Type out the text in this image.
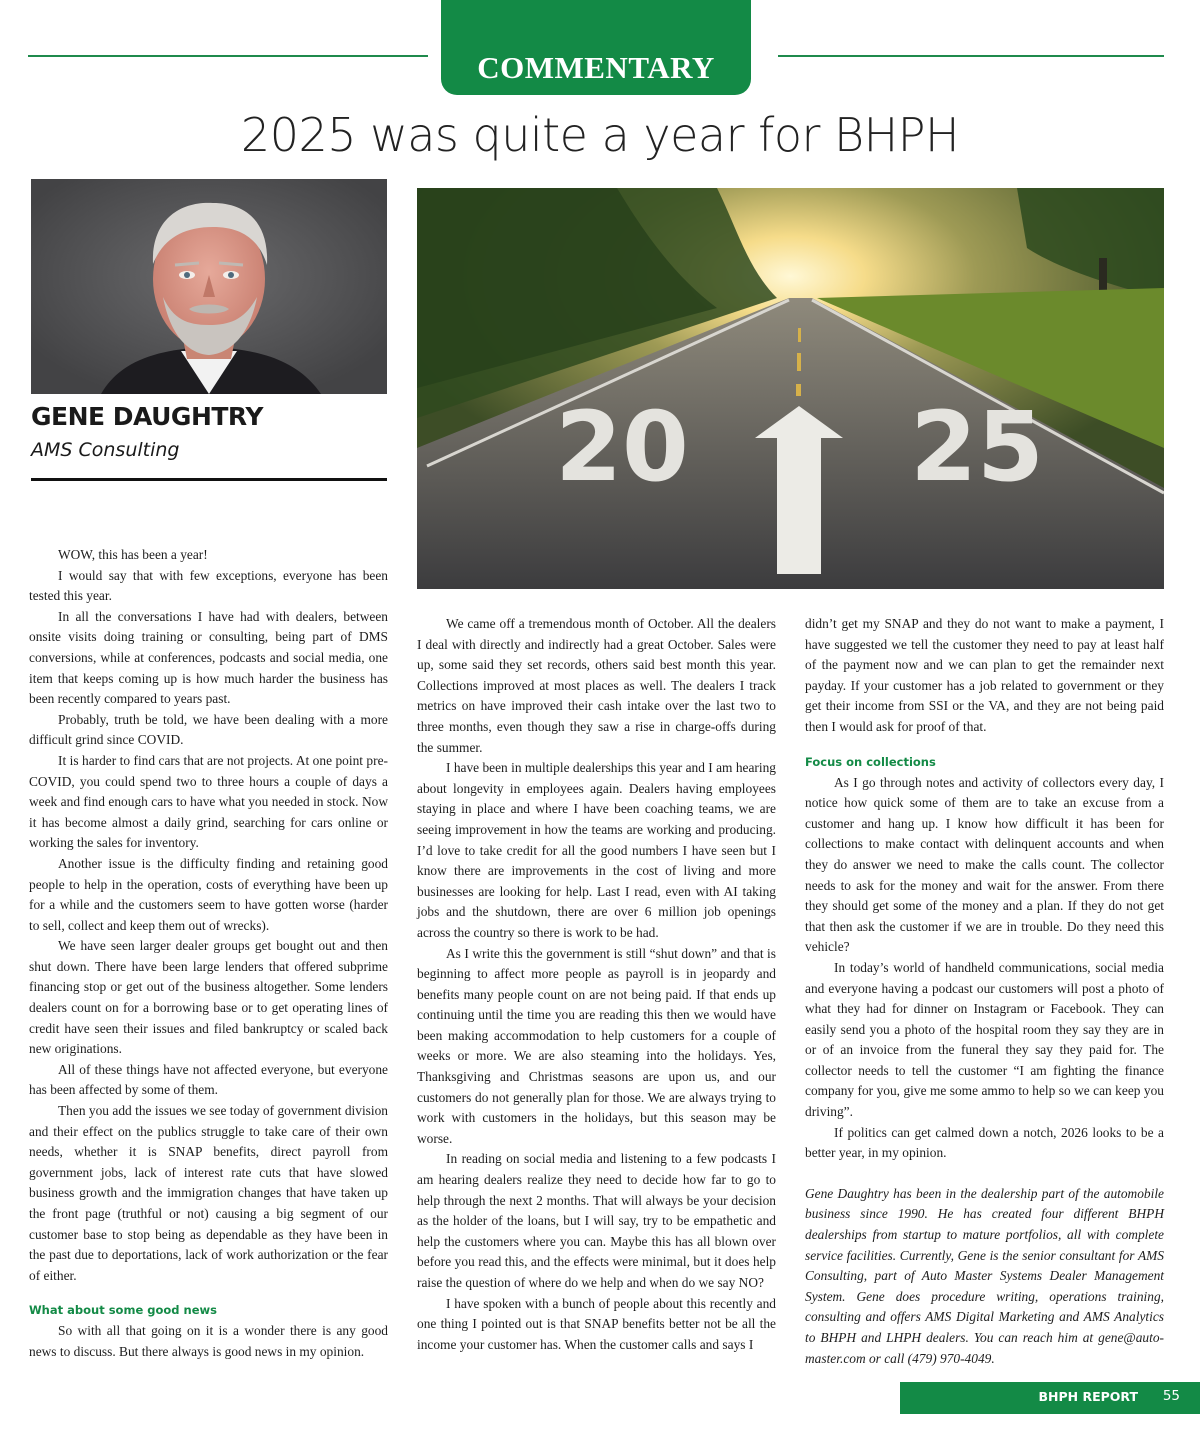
COMMENTARY
2025 was quite a year for BHPH
GENE DAUGHTRY
AMS Consulting	20 25

WOW, this has been a year!

I would say that with few exceptions, everyone has been tested this year.

In all the conversations I have had with dealers, between onsite visits doing training or consulting, being part of DMS conversions, while at conferences, podcasts and social media, one item that keeps coming up is how much harder the business has been recently compared to years past.

Probably, truth be told, we have been dealing with a more difficult grind since COVID.

It is harder to find cars that are not projects. At one point pre-COVID, you could spend two to three hours a couple of days a week and find enough cars to have what you needed in stock. Now it has become almost a daily grind, searching for cars online or working the sales for inventory.

Another issue is the difficulty finding and retaining good people to help in the operation, costs of everything have been up for a while and the customers seem to have gotten worse (harder to sell, collect and keep them out of wrecks).

We have seen larger dealer groups get bought out and then shut down. There have been large lenders that offered subprime financing stop or get out of the business altogether. Some lenders dealers count on for a borrowing base or to get operating lines of credit have seen their issues and filed bankruptcy or scaled back new originations.

All of these things have not affected everyone, but everyone has been affected by some of them.

Then you add the issues we see today of government division and their effect on the publics struggle to take care of their own needs, whether it is SNAP benefits, direct payroll from government jobs, lack of interest rate cuts that have slowed business growth and the immigration changes that have taken up the front page (truthful or not) causing a big segment of our customer base to stop being as dependable as they have been in the past due to deportations, lack of work authorization or the fear of either.

What about some good news

So with all that going on it is a wonder there is any good news to discuss. But there always is good news in my opinion.

We came off a tremendous month of October. All the dealers I deal with directly and indirectly had a great October. Sales were up, some said they set records, others said best month this year. Collections improved at most places as well. The dealers I track metrics on have improved their cash intake over the last two to three months, even though they saw a rise in charge-offs during the summer.

I have been in multiple dealerships this year and I am hearing about longevity in employees again. Dealers having employees staying in place and where I have been coaching teams, we are seeing improvement in how the teams are working and producing. I’d love to take credit for all the good numbers I have seen but I know there are improvements in the cost of living and more businesses are looking for help. Last I read, even with AI taking jobs and the shutdown, there are over 6 million job openings across the country so there is work to be had.

As I write this the government is still “shut down” and that is beginning to affect more people as payroll is in jeopardy and benefits many people count on are not being paid. If that ends up continuing until the time you are reading this then we would have been making accommodation to help customers for a couple of weeks or more. We are also steaming into the holidays. Yes, Thanksgiving and Christmas seasons are upon us, and our customers do not generally plan for those. We are always trying to work with customers in the holidays, but this season may be worse.

In reading on social media and listening to a few podcasts I am hearing dealers realize they need to decide how far to go to help through the next 2 months. That will always be your decision as the holder of the loans, but I will say, try to be empathetic and help the customers where you can. Maybe this has all blown over before you read this, and the effects were minimal, but it does help raise the question of where do we help and when do we say NO?

I have spoken with a bunch of people about this recently and one thing I pointed out is that SNAP benefits better not be all the income your customer has. When the customer calls and says I

didn’t get my SNAP and they do not want to make a payment, I have suggested we tell the customer they need to pay at least half of the payment now and we can plan to get the remainder next payday. If your customer has a job related to government or they get their income from SSI or the VA, and they are not being paid then I would ask for proof of that.

Focus on collections

As I go through notes and activity of collectors every day, I notice how quick some of them are to take an excuse from a customer and hang up. I know how difficult it has been for collections to make contact with delinquent accounts and when they do answer we need to make the calls count. The collector needs to ask for the money and wait for the answer. From there they should get some of the money and a plan. If they do not get that then ask the customer if we are in trouble. Do they need this vehicle?

In today’s world of handheld communications, social media and everyone having a podcast our customers will post a photo of what they had for dinner on Instagram or Facebook. They can easily send you a photo of the hospital room they say they are in or of an invoice from the funeral they say they paid for. The collector needs to tell the customer “I am fighting the finance company for you, give me some ammo to help so we can keep you driving”.

If politics can get calmed down a notch, 2026 looks to be a better year, in my opinion.

Gene Daughtry has been in the dealership part of the automobile business since 1990. He has created four different BHPH dealerships from startup to mature portfolios, all with complete service facilities. Currently, Gene is the senior consultant for AMS Consulting, part of Auto Master Systems Dealer Management System. Gene does procedure writing, operations training, consulting and offers AMS Digital Marketing and AMS Analytics to BHPH and LHPH dealers. You can reach him at gene@auto-master.com or call (479) 970-4049.

BHPH REPORT 55
